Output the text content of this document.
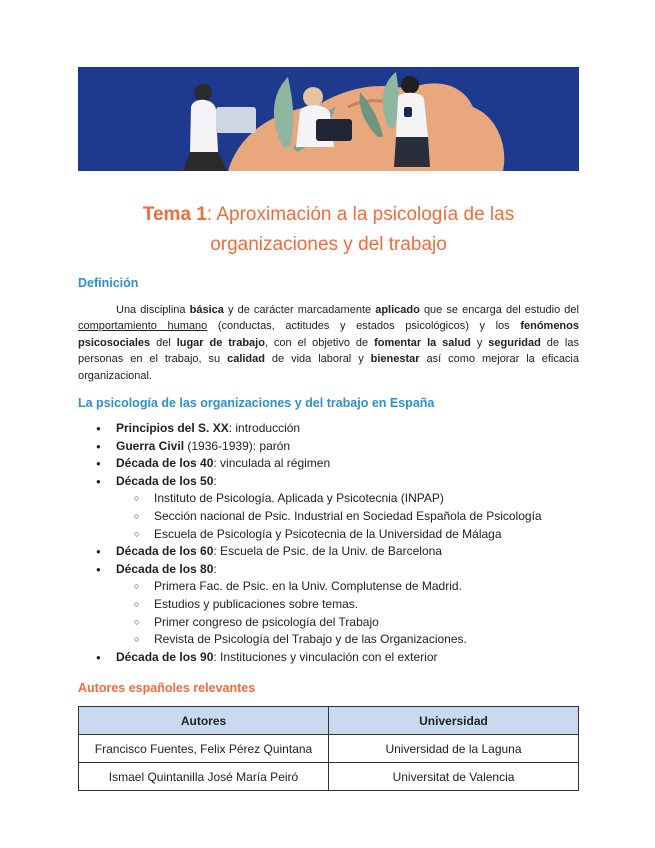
Tema 1: Aproximación a la psicología de las
organizaciones y del trabajo
Definición
Una disciplina básica y de carácter marcadamente aplicado que se encarga del estudio del comportamiento humano (conductas, actitudes y estados psicológicos) y los fenómenos psicosociales del lugar de trabajo, con el objetivo de fomentar la salud y seguridad de las personas en el trabajo, su calidad de vida laboral y bienestar así como mejorar la eficacia organizacional.
La psicología de las organizaciones y del trabajo en España
● Principios del S. XX: introducción
● Guerra Civil (1936-1939): parón
● Década de los 40: vinculada al régimen
● Década de los 50:
○ Instituto de Psicología. Aplicada y Psicotecnia (INPAP)
○ Sección nacional de Psic. Industrial en Sociedad Española de Psicología
○ Escuela de Psicología y Psicotecnia de la Universidad de Málaga
● Década de los 60: Escuela de Psic. de la Univ. de Barcelona
● Década de los 80:
○ Primera Fac. de Psic. en la Univ. Complutense de Madrid.
○ Estudios y publicaciones sobre temas.
○ Primer congreso de psicología del Trabajo
○ Revista de Psicología del Trabajo y de las Organizaciones.
● Década de los 90: Instituciones y vinculación con el exterior
Autores españoles relevantes
Autores	Universidad
Francisco Fuentes, Felix Pérez Quintana	Universidad de la Laguna
Ismael Quintanilla José María Peiró	Universitat de Valencia
